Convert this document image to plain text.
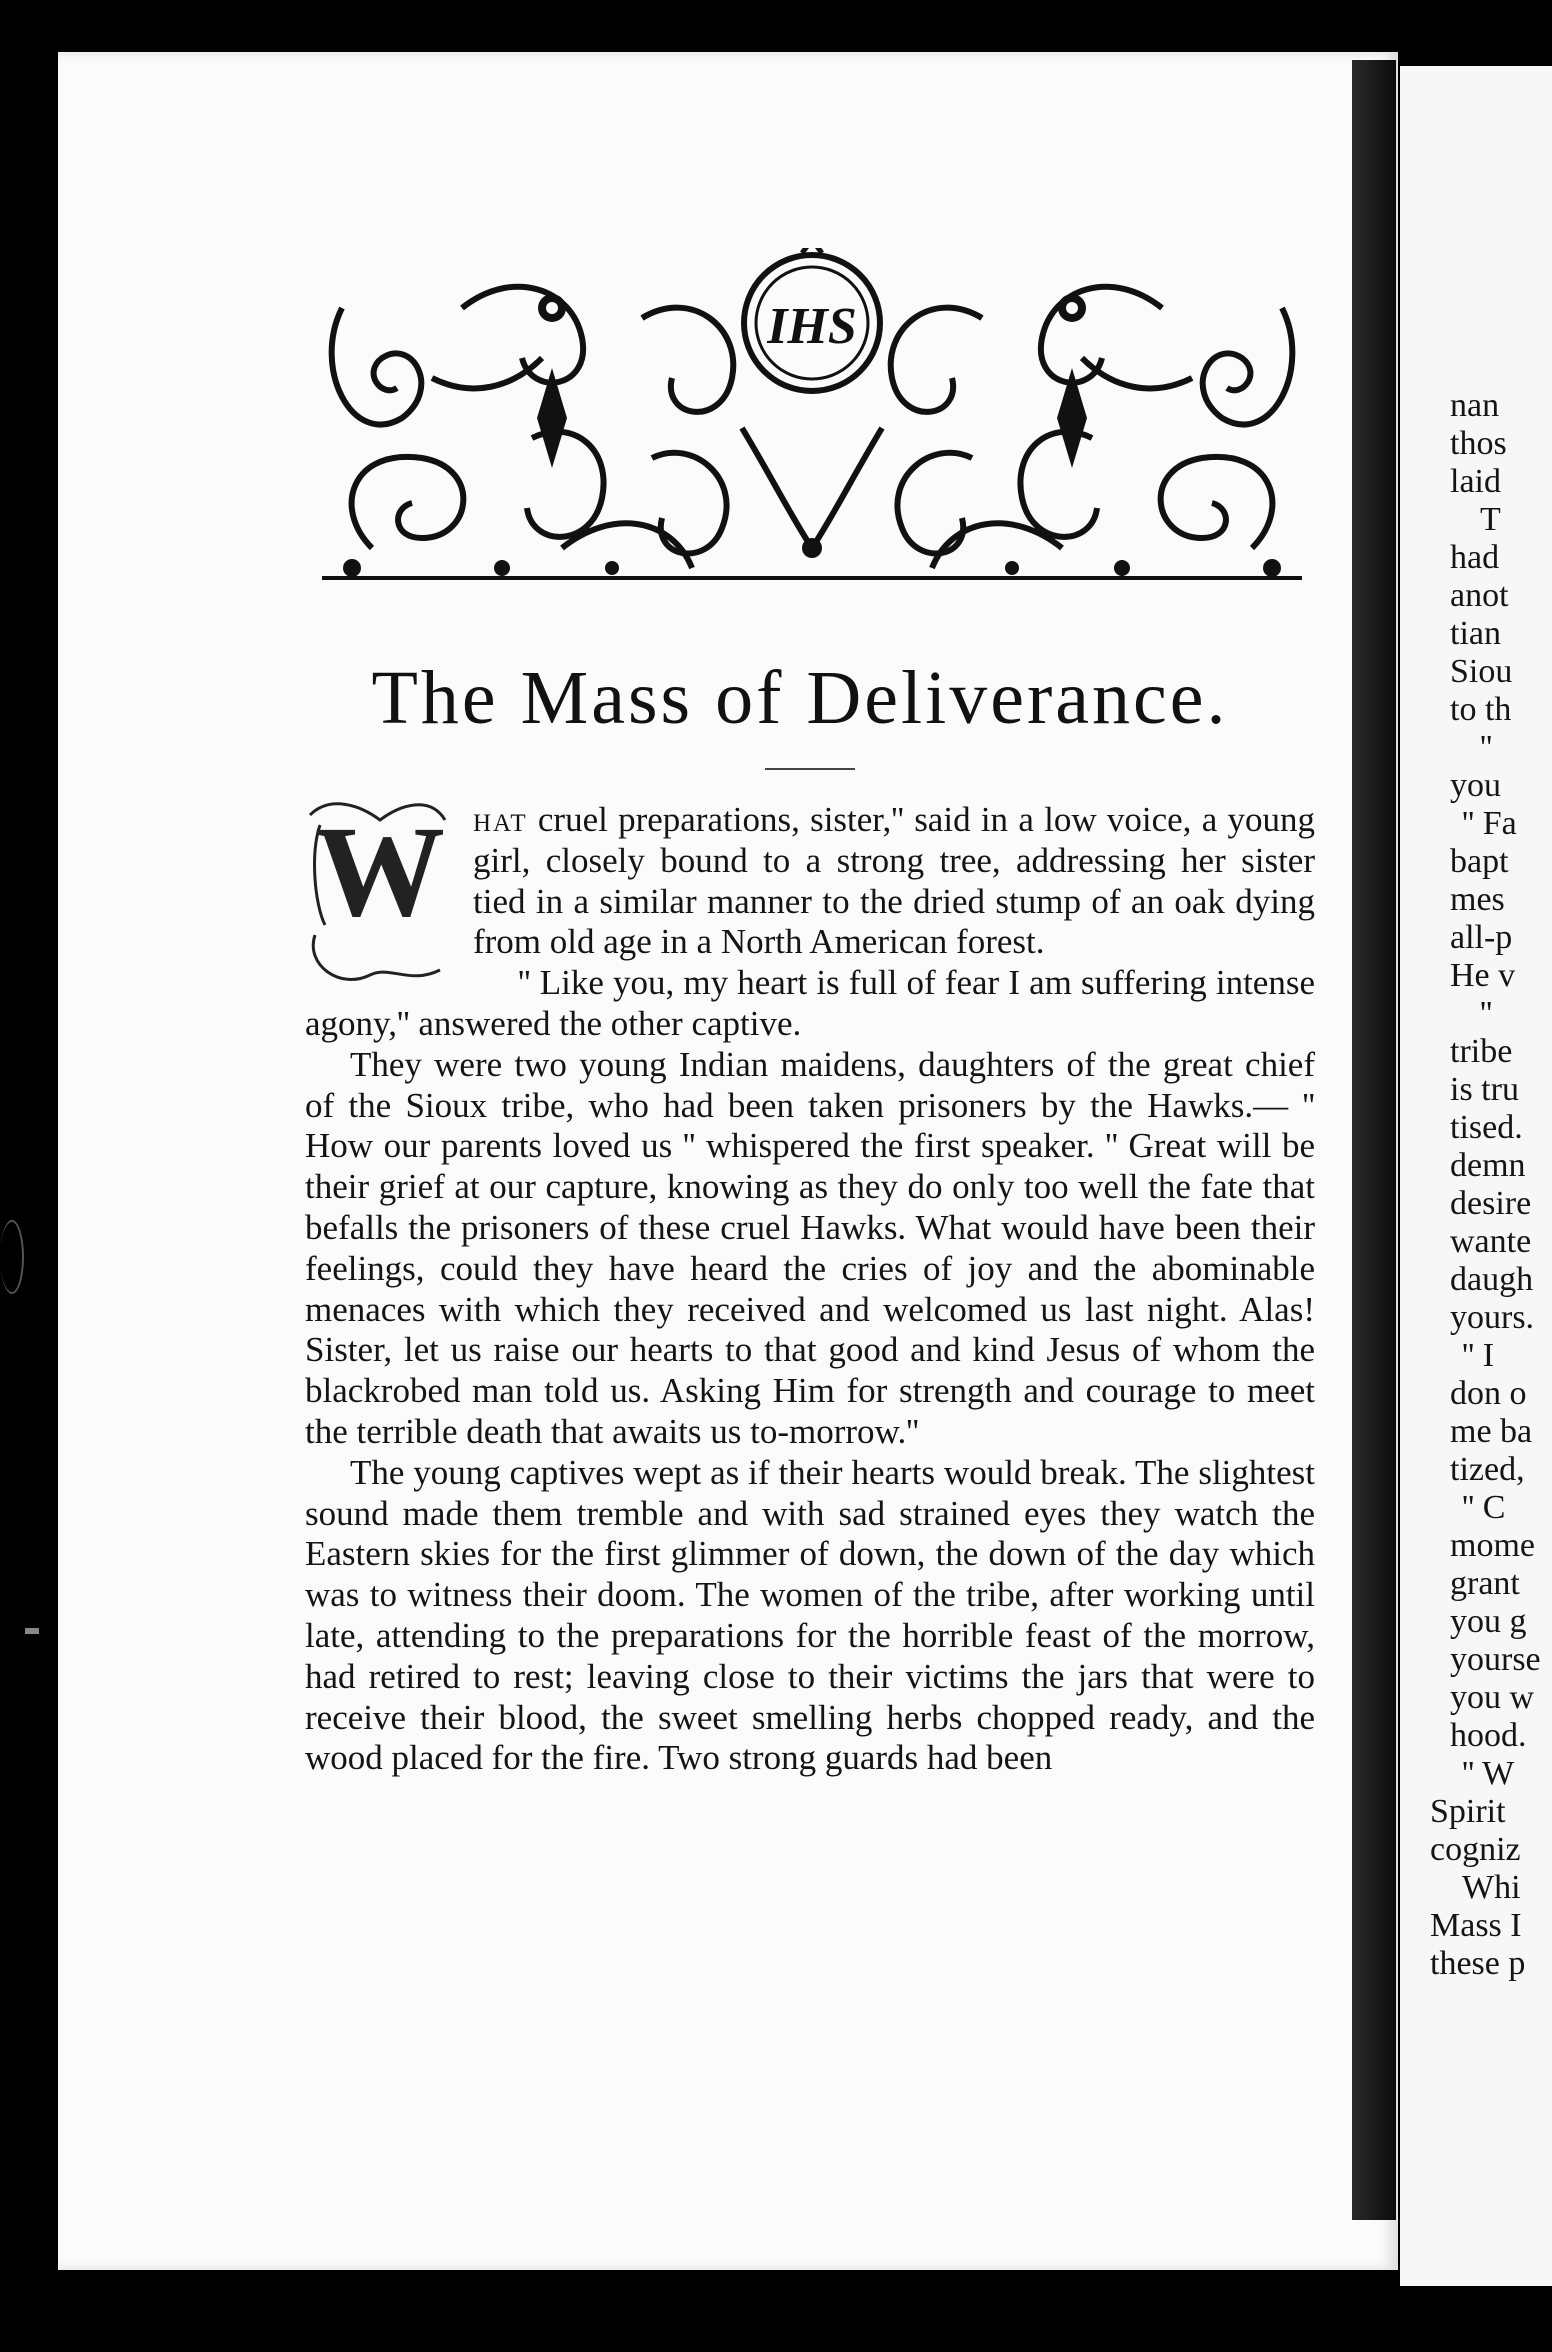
IHS
The Mass of Deliverance.
W hat cruel preparations, sister,'' said in a low voice, a young girl, closely bound to a strong tree, addressing her sister tied in a similar manner to the dried stump of an oak dying from old age in a North American forest.

'' Like you, my heart is full of fear I am suffering intense agony,'' answered the other captive.

They were two young Indian maidens, daughters of the great chief of the Sioux tribe, who had been taken prisoners by the Hawks.— '' How our parents loved us '' whispered the first speaker. '' Great will be their grief at our capture, knowing as they do only too well the fate that befalls the prisoners of these cruel Hawks. What would have been their feelings, could they have heard the cries of joy and the abominable menaces with which they received and welcomed us last night. Alas! Sister, let us raise our hearts to that good and kind Jesus of whom the blackrobed man told us. Asking Him for strength and courage to meet the terrible death that awaits us to-morrow.''

The young captives wept as if their hearts would break. The slightest sound made them tremble and with sad strained eyes they watch the Eastern skies for the first glimmer of down, the down of the day which was to witness their doom. The women of the tribe, after working until late, attending to the preparations for the horrible feast of the morrow, had retired to rest; leaving close to their victims the jars that were to receive their blood, the sweet smelling herbs chopped ready, and the wood placed for the fire. Two strong guards had been

nan
thos
laid
T
had
anot
tian
Siou
to th
''
you
'' Fa
bapt
mes
all-p
He v
''
tribe
is tru
tised.
demn
desire
wante
daugh
yours.
'' I
don o
me ba
tized,
'' C
mome
grant
you g
yourse
you w
hood.
'' W
Spirit
cogniz
Whi
Mass I
these p
